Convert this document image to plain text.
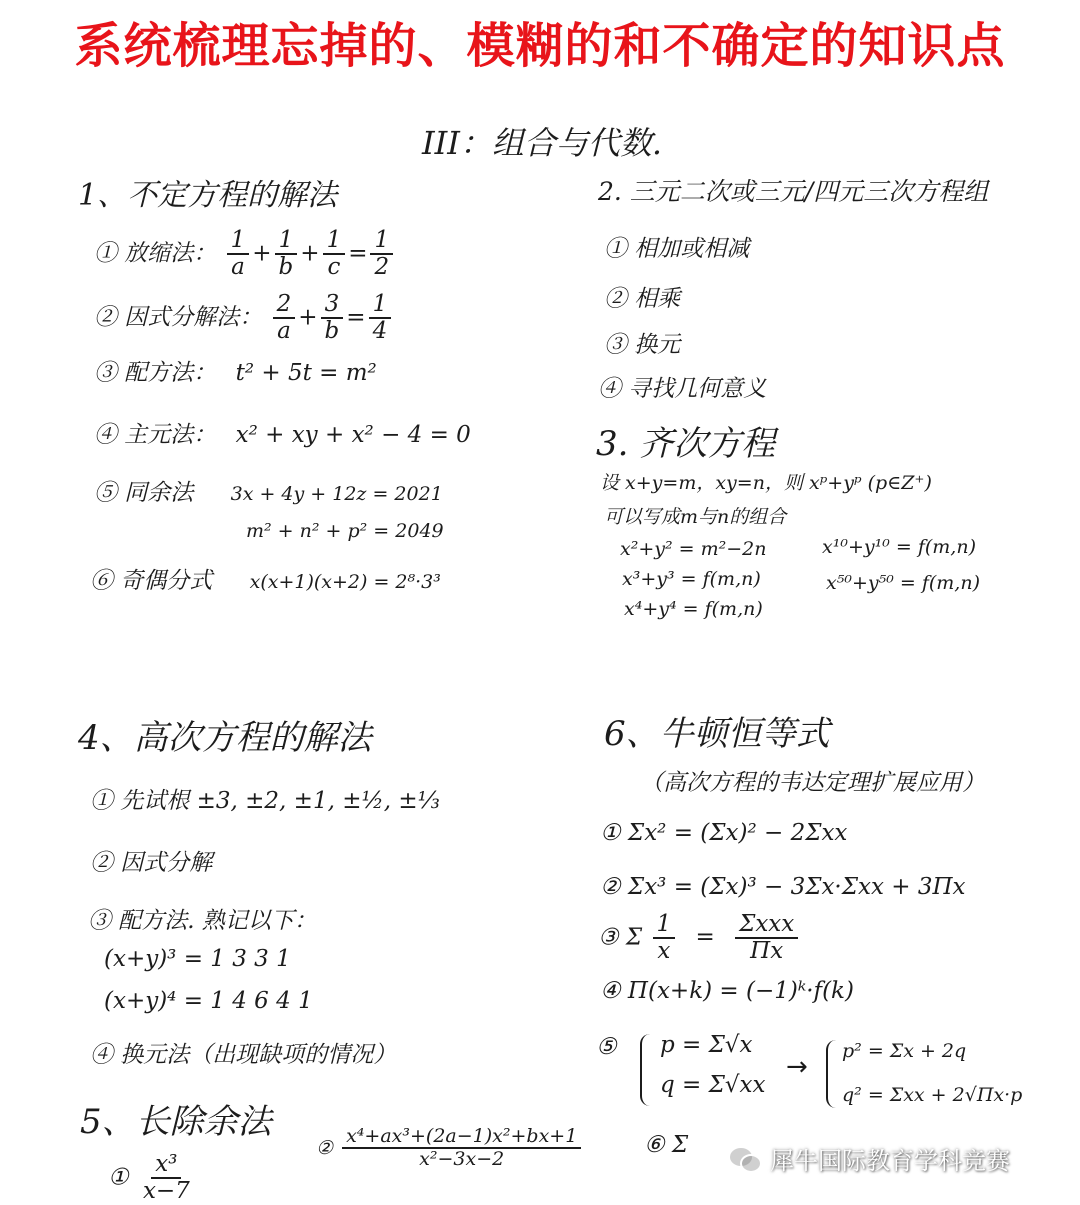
系统梳理忘掉的、模糊的和不确定的知识点
III：组合与代数.
1、不定方程的解法
① 放缩法： $\frac{1}{a} + \frac{1}{b} + \frac{1}{c} = \frac{1}{2}$
② 因式分解法： $\frac{2}{a} + \frac{3}{b} = \frac{1}{4}$
③ 配方法： t² + 5t = m²
④ 主元法： x² + xy + x² − 4 = 0
⑤ 同余法 3x + 4y + 12z = 2021
m² + n² + p² = 2049
⑥ 奇偶分式 x(x+1)(x+2) = 2⁸·3³
2. 三元二次或三元/四元三次方程组
① 相加或相减
② 相乘
③ 换元
④ 寻找几何意义
3. 齐次方程
设 x+y=m，xy=n，则 xᵖ+yᵖ (p∈Z⁺)
可以写成m与n的组合
x²+y² = m²−2n
x³+y³ = f(m,n)
x⁴+y⁴ = f(m,n)
x¹⁰+y¹⁰ = f(m,n)
x⁵⁰+y⁵⁰ = f(m,n)
4、高次方程的解法
① 先试根 ±3, ±2, ±1, ±½, ±⅓
② 因式分解
③ 配方法. 熟记以下：
(x+y)³ = 1 3 3 1
(x+y)⁴ = 1 4 6 4 1
④ 换元法（出现缺项的情况）
5、长除余法
① $\frac{\text{x³}}{x-7}$
② $\frac{\text{x⁴+ax³+(2a−1)x²+bx+1}}{\text{x²−3x−2}}$
6、牛顿恒等式
（高次方程的韦达定理扩展应用）
① Σx² = (Σx)² − 2Σxx
② Σx³ = (Σx)³ − 3Σx·Σxx + 3Πx
③ Σ $\frac{1}{x} = \frac{\text{Σxxx}}{\Pi x}$
④ Π(x+k) = (−1)ᵏ·f(k)
⑤ p = Σ√x
q = Σ√xx
→
p² = Σx + 2q
q² = Σxx + 2√Πx·p
⑥ Σ
犀牛国际教育学科竞赛
